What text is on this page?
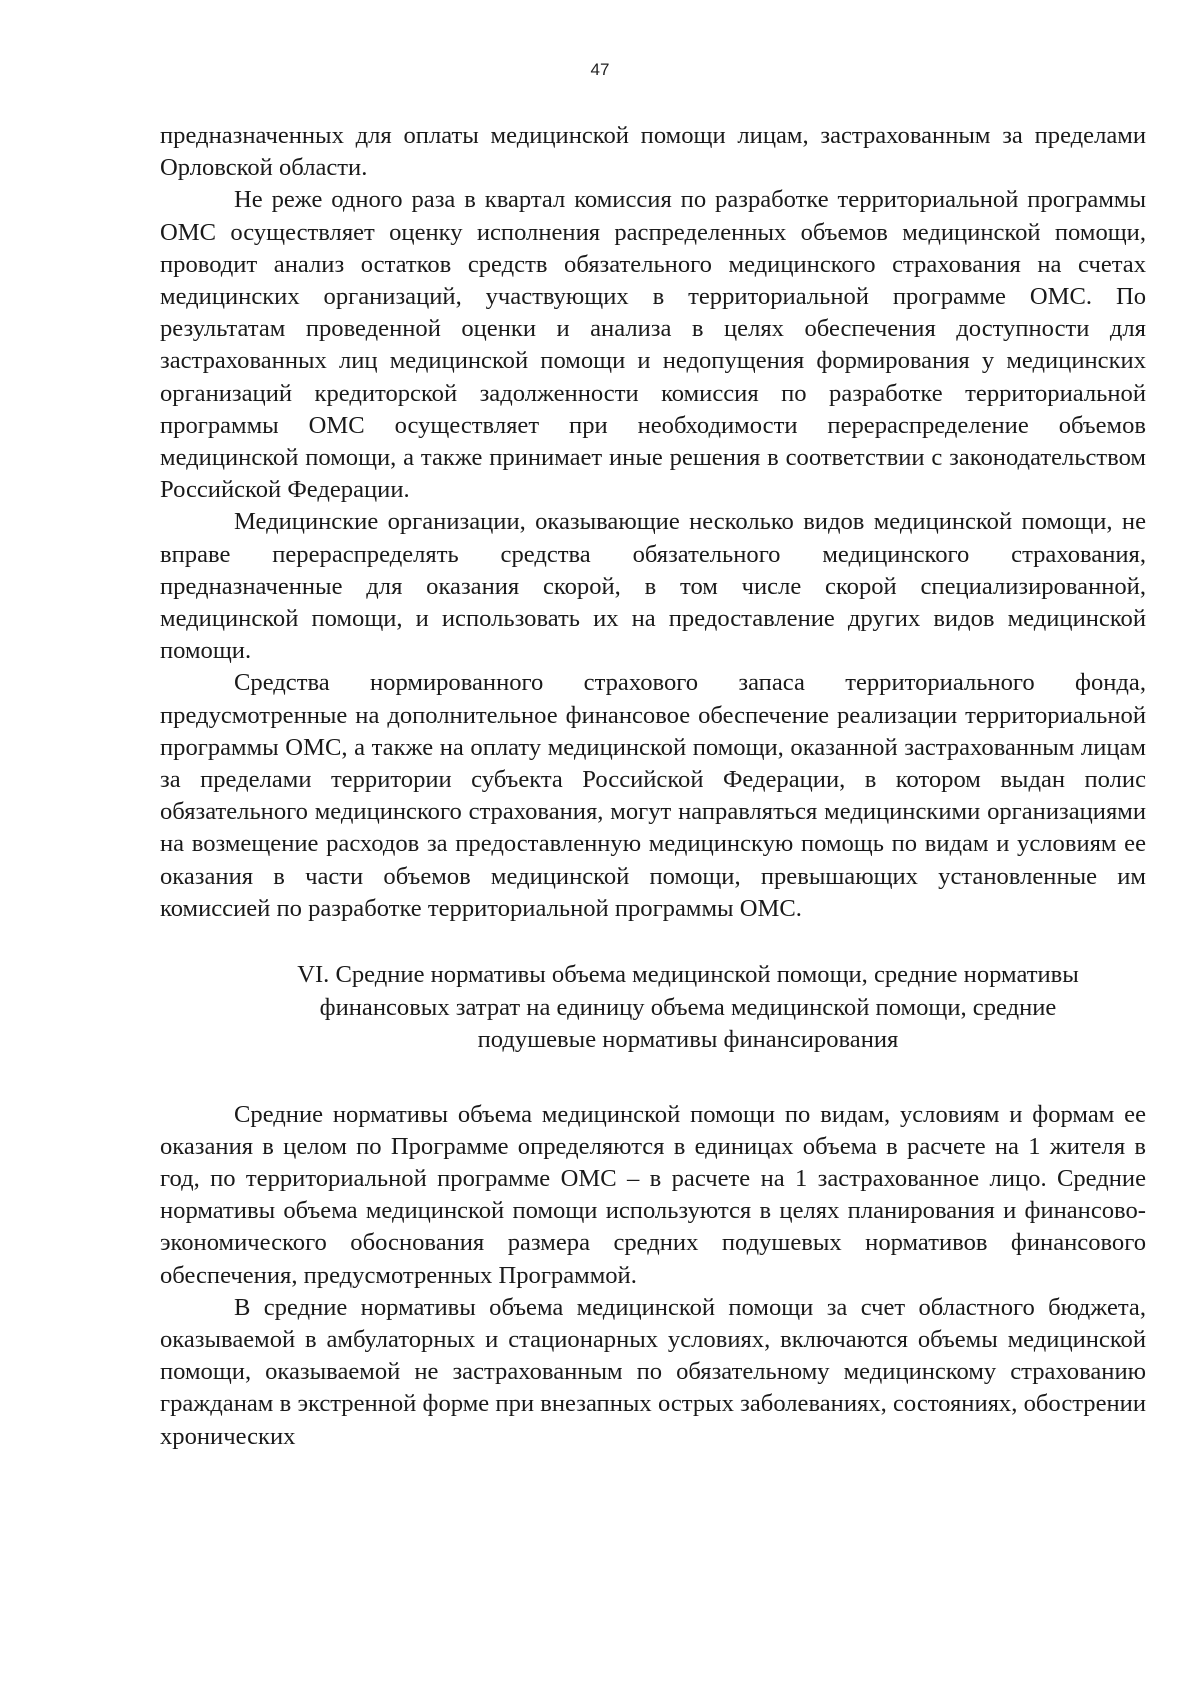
47

предназначенных для оплаты медицинской помощи лицам, застрахованным за пределами Орловской области.

Не реже одного раза в квартал комиссия по разработке территориальной программы ОМС осуществляет оценку исполнения распределенных объемов медицинской помощи, проводит анализ остатков средств обязательного медицинского страхования на счетах медицинских организаций, участвующих в территориальной программе ОМС. По результатам проведенной оценки и анализа в целях обеспечения доступности для застрахованных лиц медицинской помощи и недопущения формирования у медицинских организаций кредиторской задолженности комиссия по разработке территориальной программы ОМС осуществляет при необходимости перераспределение объемов медицинской помощи, а также принимает иные решения в соответствии с законодательством Российской Федерации.

Медицинские организации, оказывающие несколько видов медицинской помощи, не вправе перераспределять средства обязательного медицинского страхования, предназначенные для оказания скорой, в том числе скорой специализированной, медицинской помощи, и использовать их на предоставление других видов медицинской помощи.

Средства нормированного страхового запаса территориального фонда, предусмотренные на дополнительное финансовое обеспечение реализации территориальной программы ОМС, а также на оплату медицинской помощи, оказанной застрахованным лицам за пределами территории субъекта Российской Федерации, в котором выдан полис обязательного медицинского страхования, могут направляться медицинскими организациями на возмещение расходов за предоставленную медицинскую помощь по видам и условиям ее оказания в части объемов медицинской помощи, превышающих установленные им комиссией по разработке территориальной программы ОМС.

VI. Средние нормативы объема медицинской помощи, средние нормативы финансовых затрат на единицу объема медицинской помощи, средние подушевые нормативы финансирования

Средние нормативы объема медицинской помощи по видам, условиям и формам ее оказания в целом по Программе определяются в единицах объема в расчете на 1 жителя в год, по территориальной программе ОМС – в расчете на 1 застрахованное лицо. Средние нормативы объема медицинской помощи используются в целях планирования и финансово-экономического обоснования размера средних подушевых нормативов финансового обеспечения, предусмотренных Программой.

В средние нормативы объема медицинской помощи за счет областного бюджета, оказываемой в амбулаторных и стационарных условиях, включаются объемы медицинской помощи, оказываемой не застрахованным по обязательному медицинскому страхованию гражданам в экстренной форме при внезапных острых заболеваниях, состояниях, обострении хронических
